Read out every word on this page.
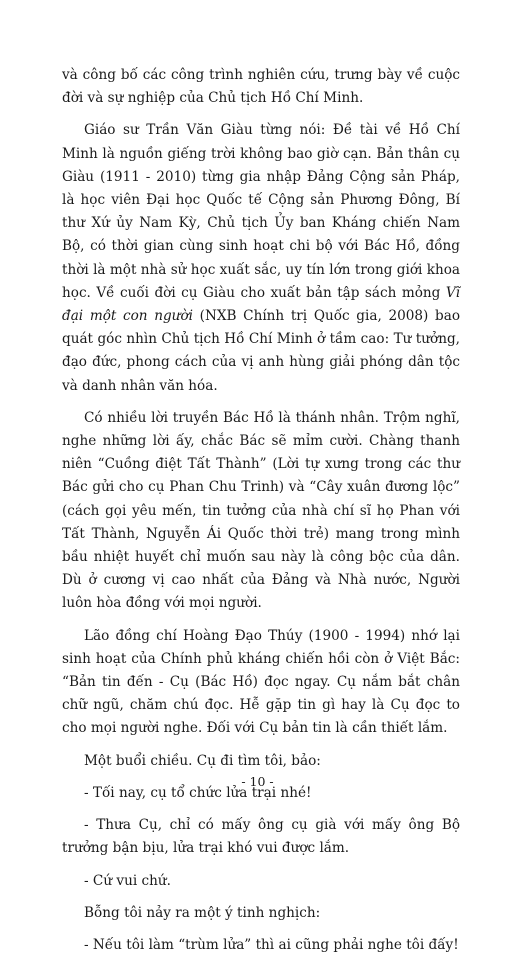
và công bố các công trình nghiên cứu, trưng bày về cuộc đời và sự nghiệp của Chủ tịch Hồ Chí Minh.

Giáo sư Trần Văn Giàu từng nói: Đề tài về Hồ Chí Minh là nguồn giếng trời không bao giờ cạn. Bản thân cụ Giàu (1911 - 2010) từng gia nhập Đảng Cộng sản Pháp, là học viên Đại học Quốc tế Cộng sản Phương Đông, Bí thư Xứ ủy Nam Kỳ, Chủ tịch Ủy ban Kháng chiến Nam Bộ, có thời gian cùng sinh hoạt chi bộ với Bác Hồ, đồng thời là một nhà sử học xuất sắc, uy tín lớn trong giới khoa học. Về cuối đời cụ Giàu cho xuất bản tập sách mỏng Vĩ đại một con người (NXB Chính trị Quốc gia, 2008) bao quát góc nhìn Chủ tịch Hồ Chí Minh ở tầm cao: Tư tưởng, đạo đức, phong cách của vị anh hùng giải phóng dân tộc và danh nhân văn hóa.

Có nhiều lời truyền Bác Hồ là thánh nhân. Trộm nghĩ, nghe những lời ấy, chắc Bác sẽ mỉm cười. Chàng thanh niên “Cuồng điệt Tất Thành” (Lời tự xưng trong các thư Bác gửi cho cụ Phan Chu Trinh) và “Cây xuân đương lộc” (cách gọi yêu mến, tin tưởng của nhà chí sĩ họ Phan với Tất Thành, Nguyễn Ái Quốc thời trẻ) mang trong mình bầu nhiệt huyết chỉ muốn sau này là công bộc của dân. Dù ở cương vị cao nhất của Đảng và Nhà nước, Người luôn hòa đồng với mọi người.

Lão đồng chí Hoàng Đạo Thúy (1900 - 1994) nhớ lại sinh hoạt của Chính phủ kháng chiến hồi còn ở Việt Bắc: “Bản tin đến - Cụ (Bác Hồ) đọc ngay. Cụ nắm bắt chân chữ ngũ, chăm chú đọc. Hễ gặp tin gì hay là Cụ đọc to cho mọi người nghe. Đối với Cụ bản tin là cần thiết lắm.

Một buổi chiều. Cụ đi tìm tôi, bảo:

- Tối nay, cụ tổ chức lửa trại nhé!

- Thưa Cụ, chỉ có mấy ông cụ già với mấy ông Bộ trưởng bận bịu, lửa trại khó vui được lắm.

- Cứ vui chứ.

Bỗng tôi nảy ra một ý tinh nghịch:

- Nếu tôi làm “trùm lửa” thì ai cũng phải nghe tôi đấy!

- 10 -
